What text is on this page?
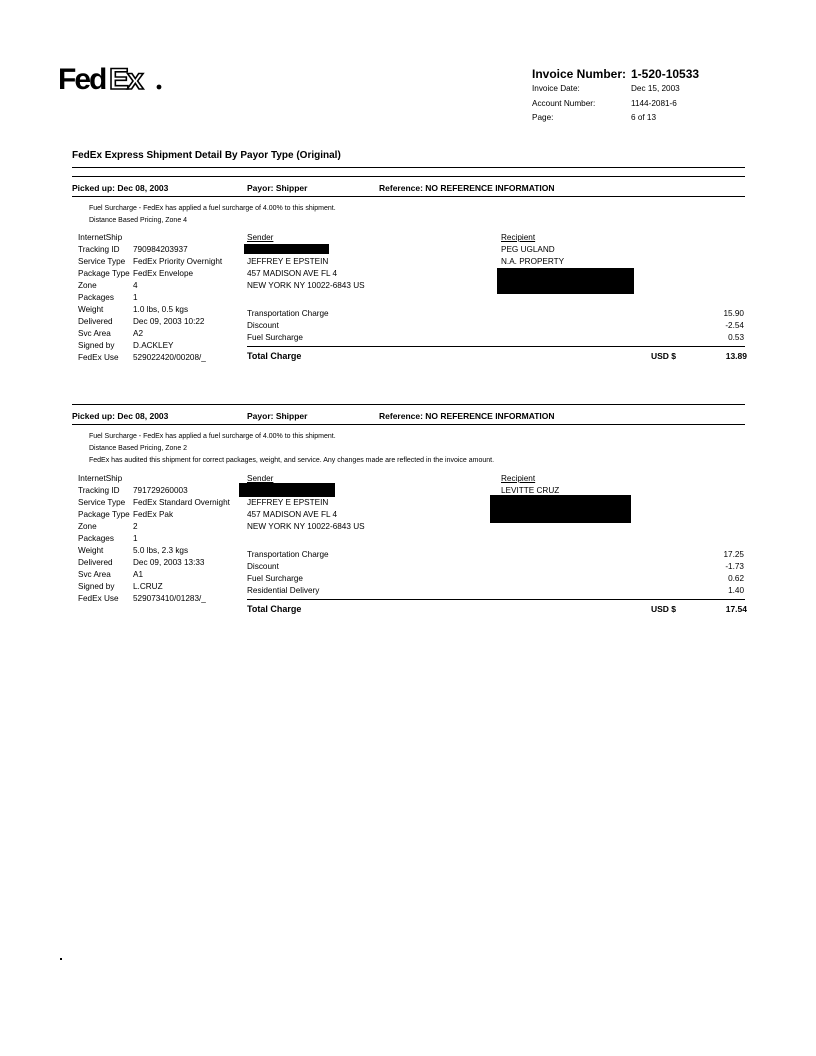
Fed Ex	Invoice Number: 1-520-10533
Invoice Date:	Dec 15, 2003
Account Number:	1144-2081-6
Page:	6 of 13
FedEx Express Shipment Detail By Payor Type (Original)
Picked up: Dec 08, 2003	Payor: Shipper	Reference: NO REFERENCE INFORMATION
Fuel Surcharge - FedEx has applied a fuel surcharge of 4.00% to this shipment.
Distance Based Pricing, Zone 4
InternetShip
Tracking ID 790984203937
Service Type FedEx Priority Overnight
Package Type FedEx Envelope
Zone	4
Packages 1
Weight	1.0 lbs, 0.5 kgs
Delivered Dec 09, 2003 10:22
Svc Area	A2
Signed by D.ACKLEY
FedEx Use 529022420/00208/_
Sender
JEFFREY E EPSTEIN
457 MADISON AVE FL 4
NEW YORK NY 10022-6843 US
Recipient
PEG UGLAND
N.A. PROPERTY
Transportation Charge	15.90
Discount	-2.54
Fuel Surcharge	0.53
Total Charge	USD $	13.89
Picked up: Dec 08, 2003	Payor: Shipper	Reference: NO REFERENCE INFORMATION
Fuel Surcharge - FedEx has applied a fuel surcharge of 4.00% to this shipment.
Distance Based Pricing, Zone 2
FedEx has audited this shipment for correct packages, weight, and service. Any changes made are reflected in the invoice amount.
InternetShip
Tracking ID 791729260003
Service Type FedEx Standard Overnight
Package Type FedEx Pak
Zone	2
Packages 1
Weight	5.0 lbs, 2.3 kgs
Delivered Dec 09, 2003 13:33
Svc Area	A1
Signed by L.CRUZ
FedEx Use 529073410/01283/_
Sender
JEFFREY E EPSTEIN
457 MADISON AVE FL 4
NEW YORK NY 10022-6843 US
Recipient
LEVITTE CRUZ
Transportation Charge	17.25
Discount	-1.73
Fuel Surcharge	0.62
Residential Delivery	1.40
Total Charge	USD $	17.54
